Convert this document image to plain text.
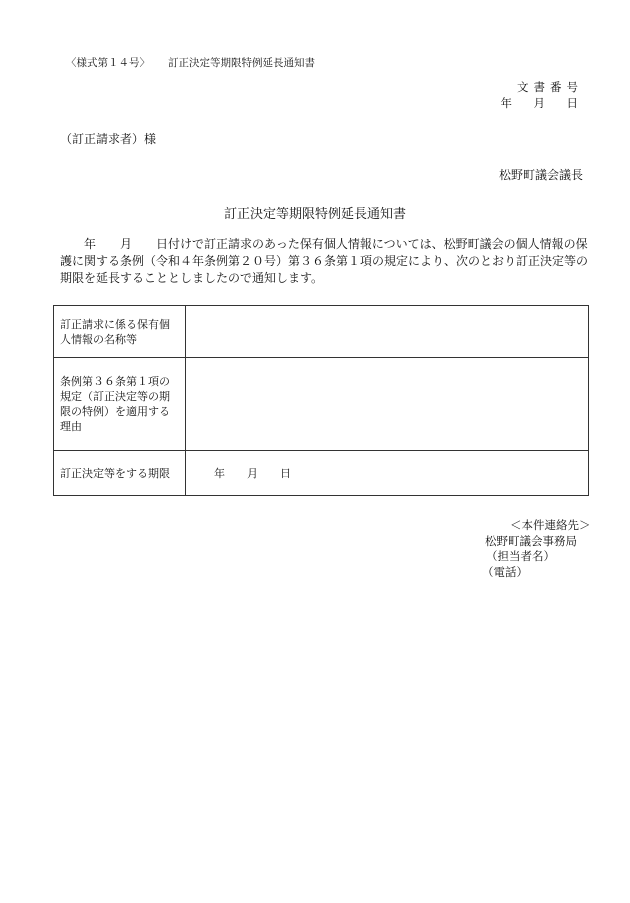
〈様式第１４号〉 訂正決定等期限特例延長通知書
文書番号
年　月　日
（訂正請求者）様
松野町議会議長
訂正決定等期限特例延長通知書
年　　月　　日付けで訂正請求のあった保有個人情報については、松野町議会の個人情報の保護に関する条例（令和４年条例第２０号）第３６条第１項の規定により、次のとおり訂正決定等の期限を延長することとしましたので通知します。
訂正請求に係る保有個人情報の名称等	
条例第３６条第１項の規定（訂正決定等の期限の特例）を適用する理由	
訂正決定等をする期限	年　　月　　日
＜本件連絡先＞
松野町議会事務局
（担当者名）
（電話）
